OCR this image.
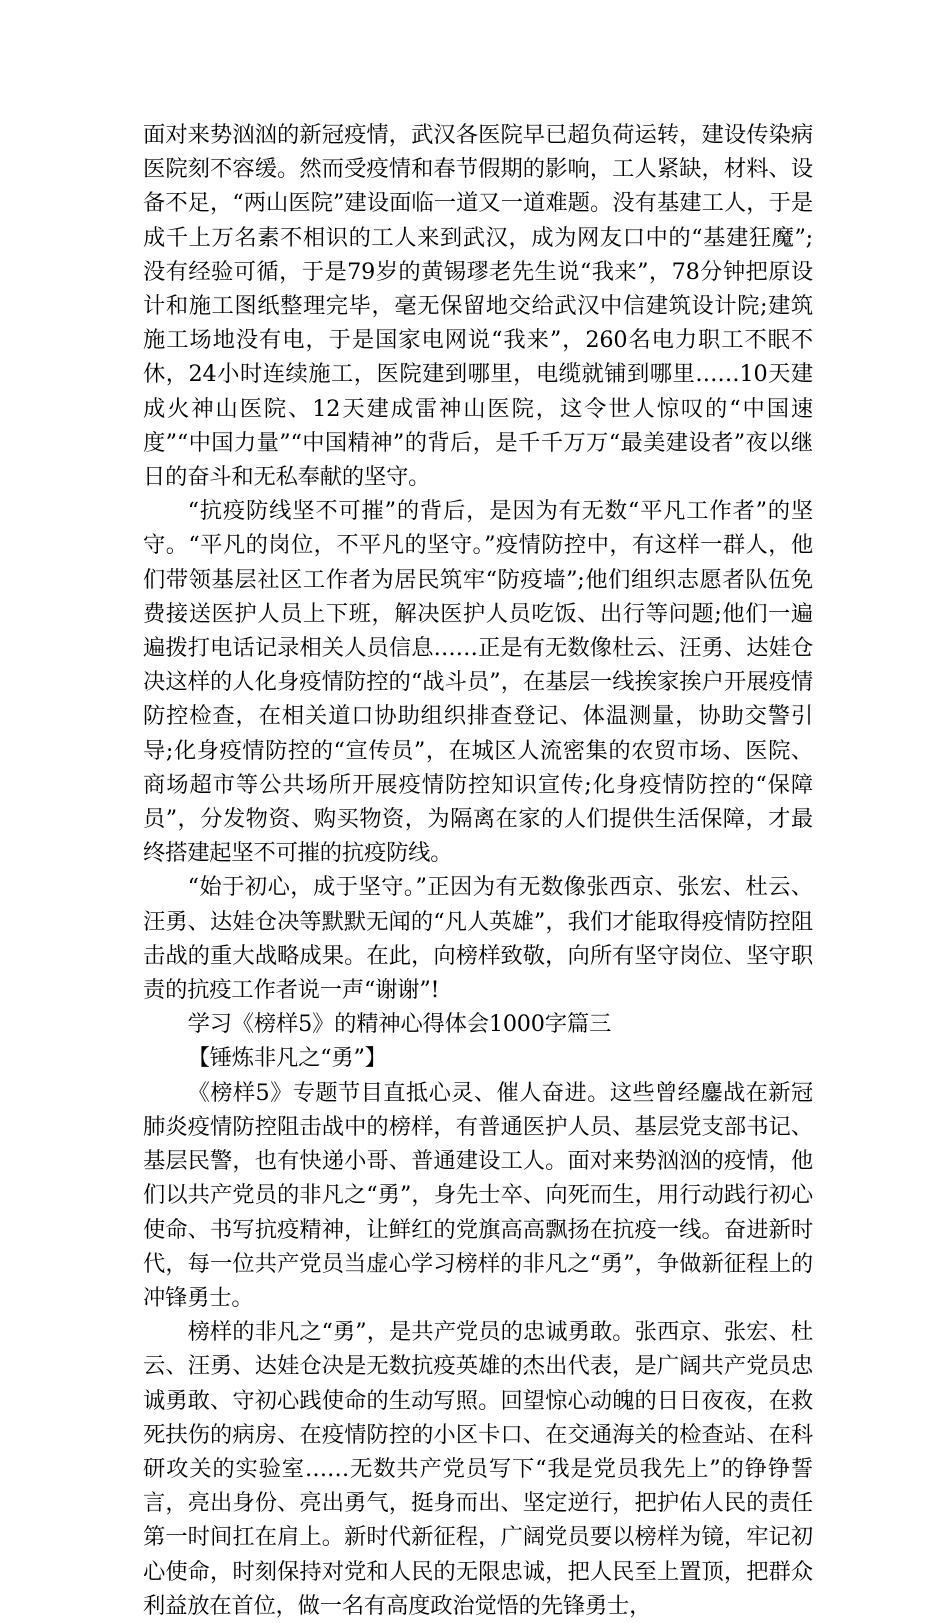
面对来势汹汹的新冠疫情，武汉各医院早已超负荷运转，建设传染病医院刻不容缓。然而受疫情和春节假期的影响，工人紧缺，材料、设备不足，“两山医院”建设面临一道又一道难题。没有基建工人，于是成千上万名素不相识的工人来到武汉，成为网友口中的“基建狂魔”;没有经验可循，于是79岁的黄锡璆老先生说“我来”，78分钟把原设计和施工图纸整理完毕，毫无保留地交给武汉中信建筑设计院;建筑施工场地没有电，于是国家电网说“我来”，260名电力职工不眠不休，24小时连续施工，医院建到哪里，电缆就铺到哪里……10天建成火神山医院、12天建成雷神山医院，这令世人惊叹的“中国速度”“中国力量”“中国精神”的背后，是千千万万“最美建设者”夜以继日的奋斗和无私奉献的坚守。

“抗疫防线坚不可摧”的背后，是因为有无数“平凡工作者”的坚守。“平凡的岗位，不平凡的坚守。”疫情防控中，有这样一群人，他们带领基层社区工作者为居民筑牢“防疫墙”;他们组织志愿者队伍免费接送医护人员上下班，解决医护人员吃饭、出行等问题;他们一遍遍拨打电话记录相关人员信息……正是有无数像杜云、汪勇、达娃仓决这样的人化身疫情防控的“战斗员”，在基层一线挨家挨户开展疫情防控检查，在相关道口协助组织排查登记、体温测量，协助交警引导;化身疫情防控的“宣传员”，在城区人流密集的农贸市场、医院、商场超市等公共场所开展疫情防控知识宣传;化身疫情防控的“保障员”，分发物资、购买物资，为隔离在家的人们提供生活保障，才最终搭建起坚不可摧的抗疫防线。

“始于初心，成于坚守。”正因为有无数像张西京、张宏、杜云、汪勇、达娃仓决等默默无闻的“凡人英雄”，我们才能取得疫情防控阻击战的重大战略成果。在此，向榜样致敬，向所有坚守岗位、坚守职责的抗疫工作者说一声“谢谢”!

学习《榜样5》的精神心得体会1000字篇三

【锤炼非凡之“勇”】

《榜样5》专题节目直抵心灵、催人奋进。这些曾经鏖战在新冠肺炎疫情防控阻击战中的榜样，有普通医护人员、基层党支部书记、基层民警，也有快递小哥、普通建设工人。面对来势汹汹的疫情，他们以共产党员的非凡之“勇”，身先士卒、向死而生，用行动践行初心使命、书写抗疫精神，让鲜红的党旗高高飘扬在抗疫一线。奋进新时代，每一位共产党员当虚心学习榜样的非凡之“勇”，争做新征程上的冲锋勇士。

榜样的非凡之“勇”，是共产党员的忠诚勇敢。张西京、张宏、杜云、汪勇、达娃仓决是无数抗疫英雄的杰出代表，是广阔共产党员忠诚勇敢、守初心践使命的生动写照。回望惊心动魄的日日夜夜，在救死扶伤的病房、在疫情防控的小区卡口、在交通海关的检查站、在科研攻关的实验室……无数共产党员写下“我是党员我先上”的铮铮誓言，亮出身份、亮出勇气，挺身而出、坚定逆行，把护佑人民的责任第一时间扛在肩上。新时代新征程，广阔党员要以榜样为镜，牢记初心使命，时刻保持对党和人民的无限忠诚，把人民至上置顶，把群众利益放在首位，做一名有高度政治觉悟的先锋勇士，
